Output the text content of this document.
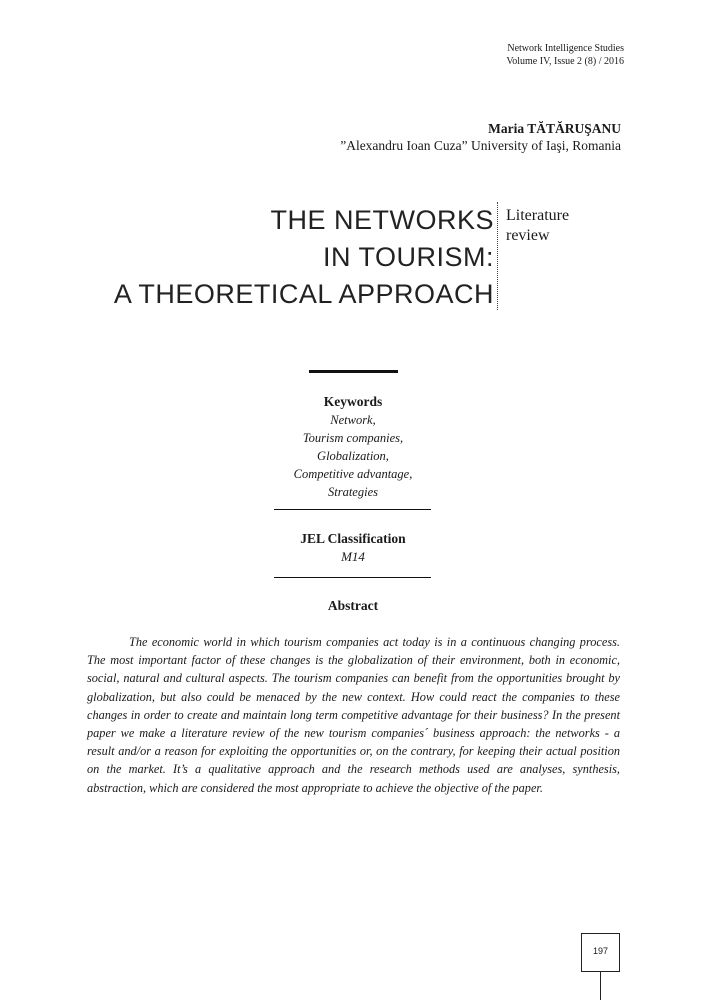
Network Intelligence Studies
Volume IV, Issue 2 (8) / 2016
Maria TĂTĂRUŞANU
”Alexandru Ioan Cuza” University of Iaşi, Romania
THE NETWORKS
IN TOURISM:
A THEORETICAL APPROACH
Literature
review
Keywords
Network,
Tourism companies,
Globalization,
Competitive advantage,
Strategies
JEL Classification
M14
Abstract

The economic world in which tourism companies act today is in a continuous changing process. The most important factor of these changes is the globalization of their environment, both in economic, social, natural and cultural aspects. The tourism companies can benefit from the opportunities brought by globalization, but also could be menaced by the new context. How could react the companies to these changes in order to create and maintain long term competitive advantage for their business? In the present paper we make a literature review of the new tourism companies´ business approach: the networks - a result and/or a reason for exploiting the opportunities or, on the contrary, for keeping their actual position on the market. It’s a qualitative approach and the research methods used are analyses, synthesis, abstraction, which are considered the most appropriate to achieve the objective of the paper.

197
